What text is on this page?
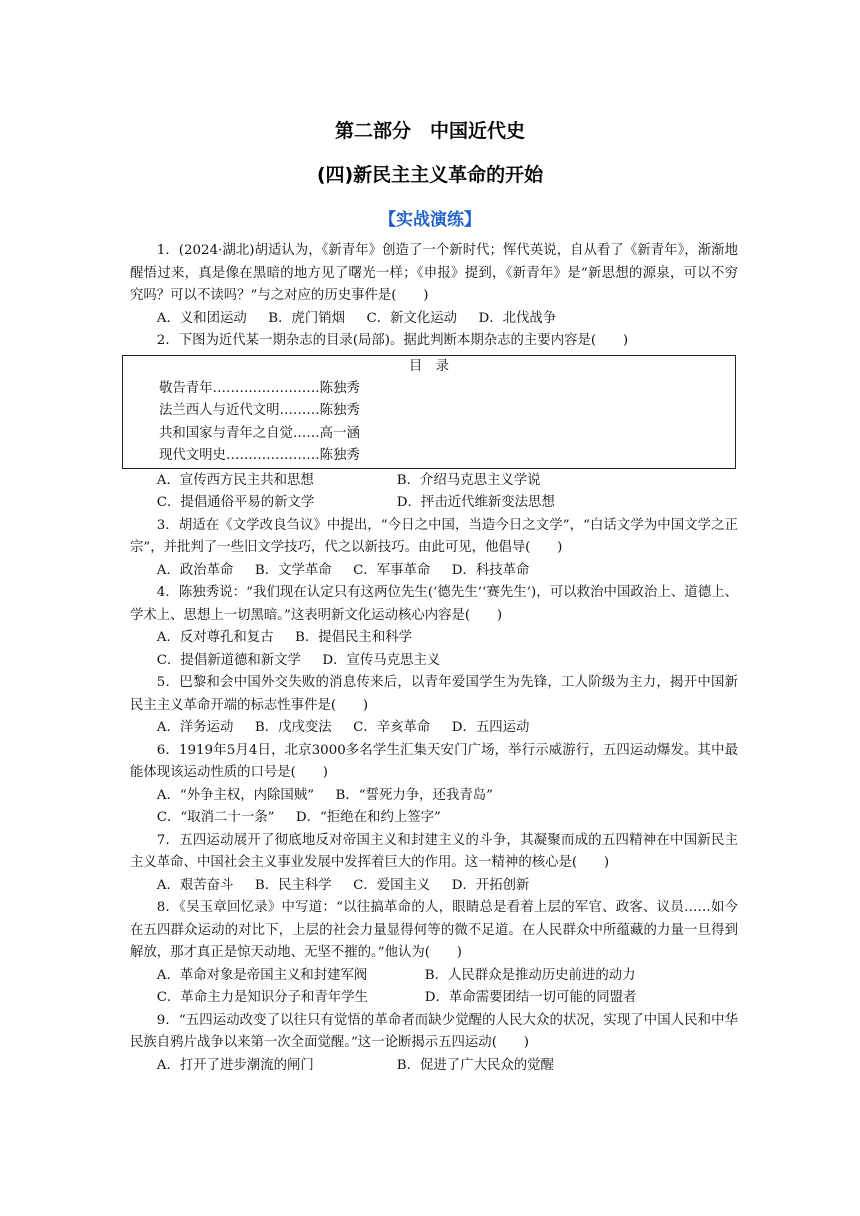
第二部分　中国近代史
(四)新民主主义革命的开始
【实战演练】

1．(2024·湖北)胡适认为，《新青年》创造了一个新时代；恽代英说，自从看了《新青年》，渐渐地醒悟过来，真是像在黑暗的地方见了曙光一样；《申报》提到，《新青年》是“新思想的源泉，可以不穷究吗？可以不读吗？”与之对应的历史事件是(　　)

A．义和团运动 B．虎门销烟 C．新文化运动 D．北伐战争

2．下图为近代某一期杂志的目录(局部)。据此判断本期杂志的主要内容是(　　)

目　录
敬告青年……………………陈独秀
法兰西人与近代文明………陈独秀
共和国家与青年之自觉……高一涵
现代文明史…………………陈独秀

A．宣传西方民主共和思想	B．介绍马克思主义学说

C．提倡通俗平易的新文学	D．抨击近代维新变法思想

3．胡适在《文学改良刍议》中提出，“今日之中国，当造今日之文学”，“白话文学为中国文学之正宗”，并批判了一些旧文学技巧，代之以新技巧。由此可见，他倡导(　　)

A．政治革命 B．文学革命 C．军事革命 D．科技革命

4．陈独秀说：“我们现在认定只有这两位先生(‘德先生’‘赛先生’)，可以救治中国政治上、道德上、学术上、思想上一切黑暗。”这表明新文化运动核心内容是(　　)

A．反对尊孔和复古 B．提倡民主和科学

C．提倡新道德和新文学 D．宣传马克思主义

5．巴黎和会中国外交失败的消息传来后，以青年爱国学生为先锋，工人阶级为主力，揭开中国新民主主义革命开端的标志性事件是(　　)

A．洋务运动 B．戊戌变法 C．辛亥革命 D．五四运动

6．1919年5月4日，北京3000多名学生汇集天安门广场，举行示威游行，五四运动爆发。其中最能体现该运动性质的口号是(　　)

A．“外争主权，内除国贼” B．“誓死力争，还我青岛”

C．“取消二十一条” D．“拒绝在和约上签字”

7．五四运动展开了彻底地反对帝国主义和封建主义的斗争，其凝聚而成的五四精神在中国新民主主义革命、中国社会主义事业发展中发挥着巨大的作用。这一精神的核心是(　　)

A．艰苦奋斗 B．民主科学 C．爱国主义 D．开拓创新

8．《吴玉章回忆录》中写道：“以往搞革命的人，眼睛总是看着上层的军官、政客、议员……如今在五四群众运动的对比下，上层的社会力量显得何等的微不足道。在人民群众中所蕴藏的力量一旦得到解放，那才真正是惊天动地、无坚不摧的。”他认为(　　)

A．革命对象是帝国主义和封建军阀	B．人民群众是推动历史前进的动力

C．革命主力是知识分子和青年学生	D．革命需要团结一切可能的同盟者

9．“五四运动改变了以往只有觉悟的革命者而缺少觉醒的人民大众的状况，实现了中国人民和中华民族自鸦片战争以来第一次全面觉醒。”这一论断揭示五四运动(　　)

A．打开了进步潮流的闸门	B．促进了广大民众的觉醒
